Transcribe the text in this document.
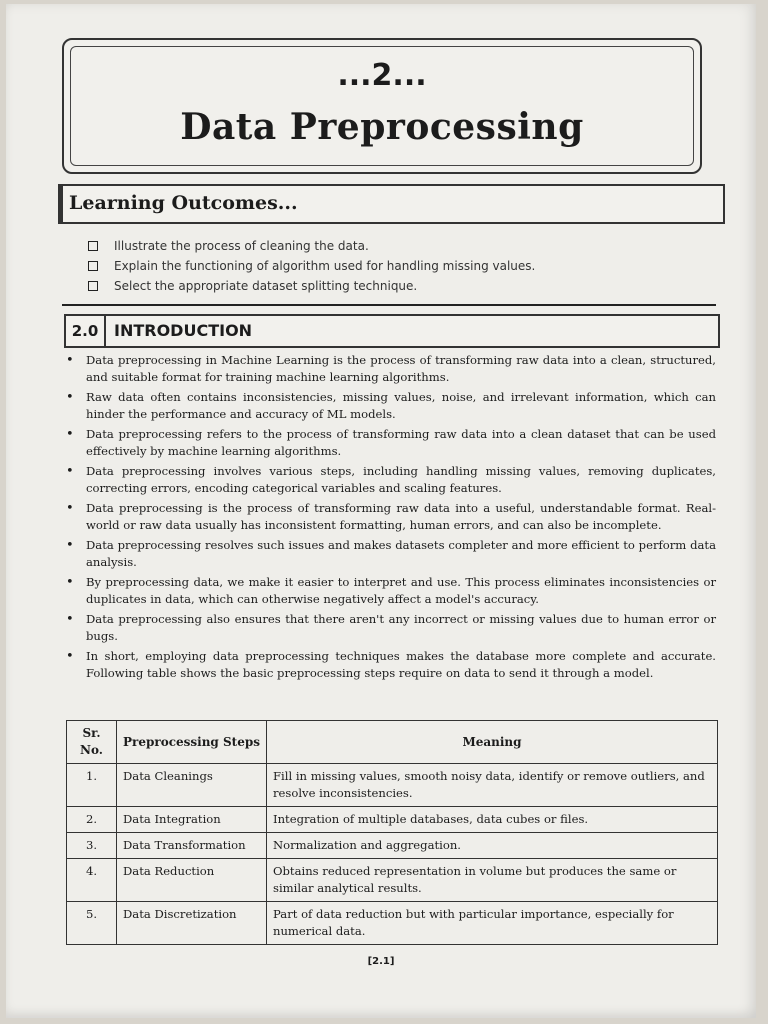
...2...
Data Preprocessing
Learning Outcomes...
Illustrate the process of cleaning the data.
Explain the functioning of algorithm used for handling missing values.
Select the appropriate dataset splitting technique.
2.0 INTRODUCTION
• Data preprocessing in Machine Learning is the process of transforming raw data into a clean, structured, and suitable format for training machine learning algorithms.
• Raw data often contains inconsistencies, missing values, noise, and irrelevant information, which can hinder the performance and accuracy of ML models.
• Data preprocessing refers to the process of transforming raw data into a clean dataset that can be used effectively by machine learning algorithms.
• Data preprocessing involves various steps, including handling missing values, removing duplicates, correcting errors, encoding categorical variables and scaling features.
• Data preprocessing is the process of transforming raw data into a useful, understandable format. Real-world or raw data usually has inconsistent formatting, human errors, and can also be incomplete.
• Data preprocessing resolves such issues and makes datasets completer and more efficient to perform data analysis.
• By preprocessing data, we make it easier to interpret and use. This process eliminates inconsistencies or duplicates in data, which can otherwise negatively affect a model's accuracy.
• Data preprocessing also ensures that there aren't any incorrect or missing values due to human error or bugs.
• In short, employing data preprocessing techniques makes the database more complete and accurate. Following table shows the basic preprocessing steps require on data to send it through a model.
Sr. No.	Preprocessing Steps	Meaning
1.	Data Cleanings	Fill in missing values, smooth noisy data, identify or remove outliers, and resolve inconsistencies.
2.	Data Integration	Integration of multiple databases, data cubes or files.
3.	Data Transformation	Normalization and aggregation.
4.	Data Reduction	Obtains reduced representation in volume but produces the same or similar analytical results.
5.	Data Discretization	Part of data reduction but with particular importance, especially for numerical data.
[2.1]
